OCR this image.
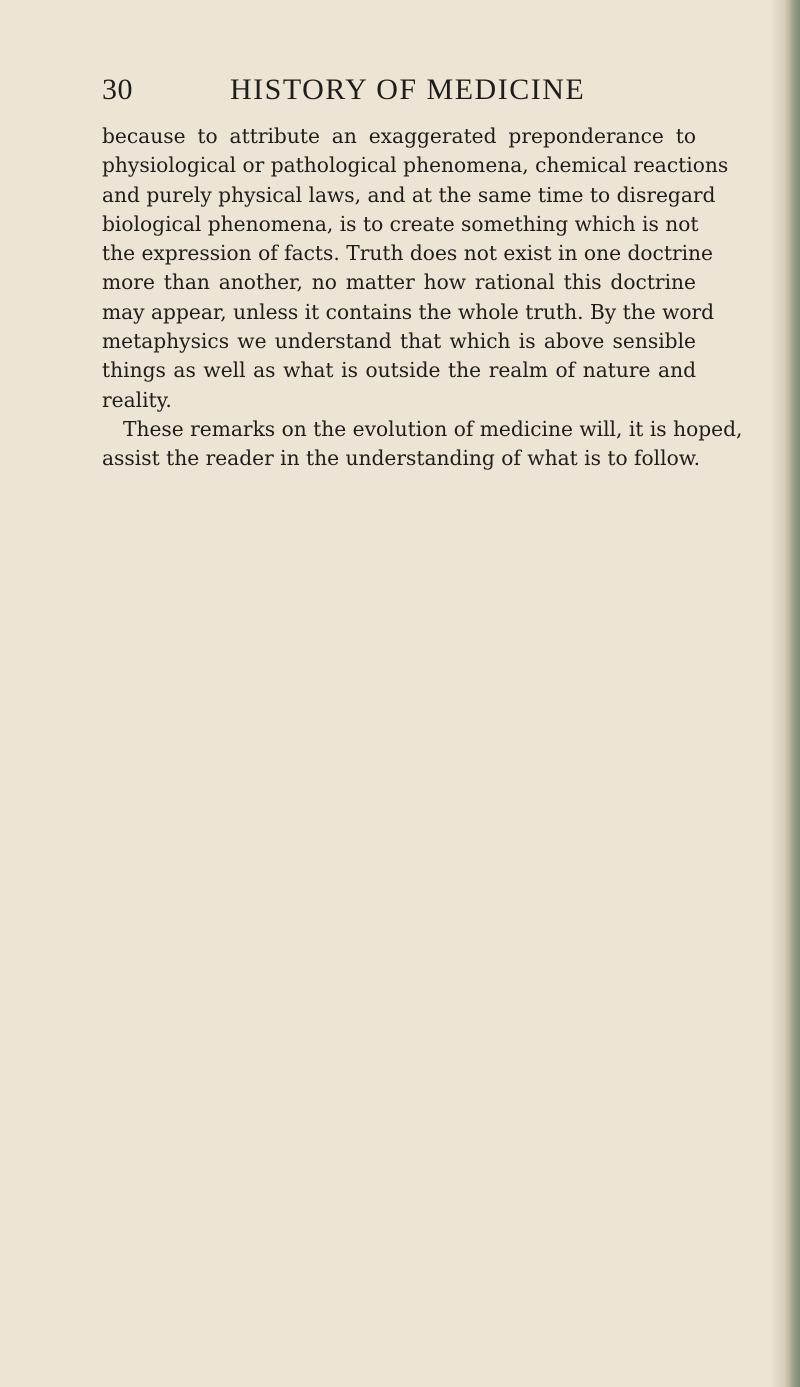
30	HISTORY OF MEDICINE
because to attribute an exaggerated preponderance to
physiological or pathological phenomena, chemical reactions
and purely physical laws, and at the same time to disregard
biological phenomena, is to create something which is not
the expression of facts. Truth does not exist in one doctrine
more than another, no matter how rational this doctrine
may appear, unless it contains the whole truth. By the word
metaphysics we understand that which is above sensible
things as well as what is outside the realm of nature and
reality.
These remarks on the evolution of medicine will, it is hoped,
assist the reader in the understanding of what is to follow.
